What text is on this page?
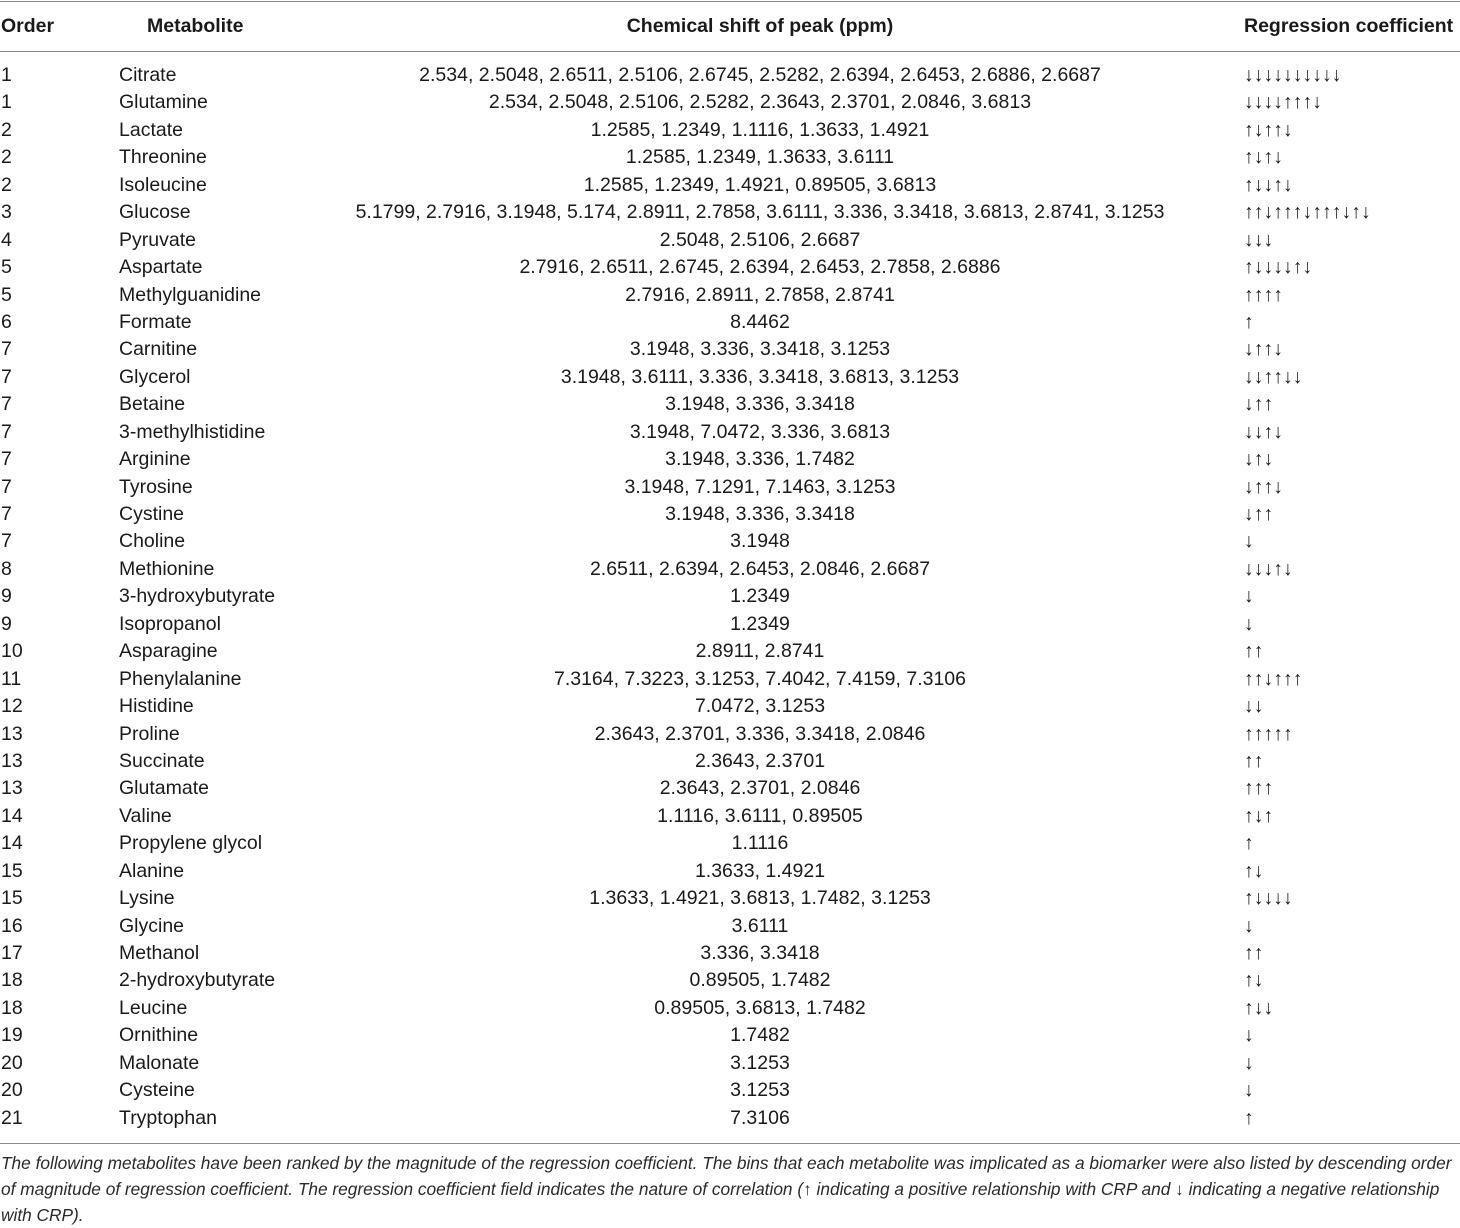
Order	Metabolite	Chemical shift of peak (ppm)	Regression coefficient
1	Citrate	2.534, 2.5048, 2.6511, 2.5106, 2.6745, 2.5282, 2.6394, 2.6453, 2.6886, 2.6687	↓↓↓↓↓↓↓↓↓↓
1	Glutamine	2.534, 2.5048, 2.5106, 2.5282, 2.3643, 2.3701, 2.0846, 3.6813	↓↓↓↓↑↑↑↓
2	Lactate	1.2585, 1.2349, 1.1116, 1.3633, 1.4921	↑↓↑↑↓
2	Threonine	1.2585, 1.2349, 1.3633, 3.6111	↑↓↑↓
2	Isoleucine	1.2585, 1.2349, 1.4921, 0.89505, 3.6813	↑↓↓↑↓
3	Glucose	5.1799, 2.7916, 3.1948, 5.174, 2.8911, 2.7858, 3.6111, 3.336, 3.3418, 3.6813, 2.8741, 3.1253	↑↑↓↑↑↑↓↑↑↑↓↑↓
4	Pyruvate	2.5048, 2.5106, 2.6687	↓↓↓
5	Aspartate	2.7916, 2.6511, 2.6745, 2.6394, 2.6453, 2.7858, 2.6886	↑↓↓↓↓↑↓
5	Methylguanidine	2.7916, 2.8911, 2.7858, 2.8741	↑↑↑↑
6	Formate	8.4462	↑
7	Carnitine	3.1948, 3.336, 3.3418, 3.1253	↓↑↑↓
7	Glycerol	3.1948, 3.6111, 3.336, 3.3418, 3.6813, 3.1253	↓↓↑↑↓↓
7	Betaine	3.1948, 3.336, 3.3418	↓↑↑
7	3-methylhistidine	3.1948, 7.0472, 3.336, 3.6813	↓↓↑↓
7	Arginine	3.1948, 3.336, 1.7482	↓↑↓
7	Tyrosine	3.1948, 7.1291, 7.1463, 3.1253	↓↑↑↓
7	Cystine	3.1948, 3.336, 3.3418	↓↑↑
7	Choline	3.1948	↓
8	Methionine	2.6511, 2.6394, 2.6453, 2.0846, 2.6687	↓↓↓↑↓
9	3-hydroxybutyrate	1.2349	↓
9	Isopropanol	1.2349	↓
10	Asparagine	2.8911, 2.8741	↑↑
11	Phenylalanine	7.3164, 7.3223, 3.1253, 7.4042, 7.4159, 7.3106	↑↑↓↑↑↑
12	Histidine	7.0472, 3.1253	↓↓
13	Proline	2.3643, 2.3701, 3.336, 3.3418, 2.0846	↑↑↑↑↑
13	Succinate	2.3643, 2.3701	↑↑
13	Glutamate	2.3643, 2.3701, 2.0846	↑↑↑
14	Valine	1.1116, 3.6111, 0.89505	↑↓↑
14	Propylene glycol	1.1116	↑
15	Alanine	1.3633, 1.4921	↑↓
15	Lysine	1.3633, 1.4921, 3.6813, 1.7482, 3.1253	↑↓↓↓↓
16	Glycine	3.6111	↓
17	Methanol	3.336, 3.3418	↑↑
18	2-hydroxybutyrate	0.89505, 1.7482	↑↓
18	Leucine	0.89505, 3.6813, 1.7482	↑↓↓
19	Ornithine	1.7482	↓
20	Malonate	3.1253	↓
20	Cysteine	3.1253	↓
21	Tryptophan	7.3106	↑
The following metabolites have been ranked by the magnitude of the regression coefficient. The bins that each metabolite was implicated as a biomarker were also listed by descending order of magnitude of regression coefficient. The regression coefficient field indicates the nature of correlation (↑ indicating a positive relationship with CRP and ↓ indicating a negative relationship with CRP).
